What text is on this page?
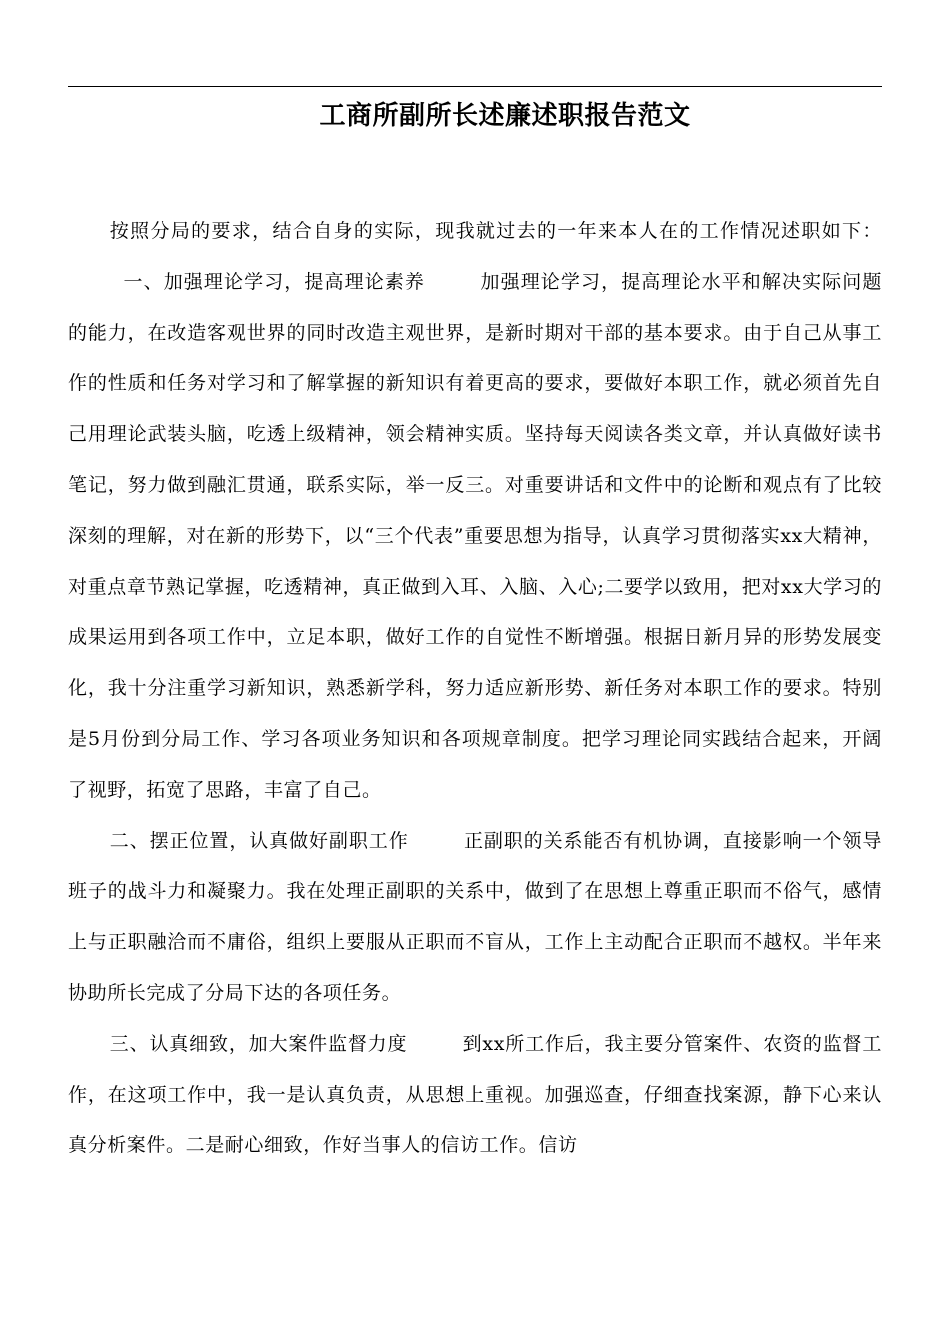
工商所副所长述廉述职报告范文

按照分局的要求，结合自身的实际，现我就过去的一年来本人在的工作情况述职如下：一、加强理论学习，提高理论素养	加强理论学习，提高理论水平和解决实际问题的能力，在改造客观世界的同时改造主观世界，是新时期对干部的基本要求。由于自己从事工作的性质和任务对学习和了解掌握的新知识有着更高的要求，要做好本职工作，就必须首先自己用理论武装头脑，吃透上级精神，领会精神实质。坚持每天阅读各类文章，并认真做好读书笔记，努力做到融汇贯通，联系实际，举一反三。对重要讲话和文件中的论断和观点有了比较深刻的理解，对在新的形势下，以“三个代表”重要思想为指导，认真学习贯彻落实xx大精神，对重点章节熟记掌握，吃透精神，真正做到入耳、入脑、入心;二要学以致用，把对xx大学习的成果运用到各项工作中，立足本职，做好工作的自觉性不断增强。根据日新月异的形势发展变化，我十分注重学习新知识，熟悉新学科，努力适应新形势、新任务对本职工作的要求。特别是5月份到分局工作、学习各项业务知识和各项规章制度。把学习理论同实践结合起来，开阔了视野，拓宽了思路，丰富了自己。

二、摆正位置，认真做好副职工作	正副职的关系能否有机协调，直接影响一个领导班子的战斗力和凝聚力。我在处理正副职的关系中，做到了在思想上尊重正职而不俗气，感情上与正职融洽而不庸俗，组织上要服从正职而不盲从，工作上主动配合正职而不越权。半年来协助所长完成了分局下达的各项任务。

三、认真细致，加大案件监督力度	到xx所工作后，我主要分管案件、农资的监督工作，在这项工作中，我一是认真负责，从思想上重视。加强巡查，仔细查找案源，静下心来认真分析案件。二是耐心细致，作好当事人的信访工作。信访
